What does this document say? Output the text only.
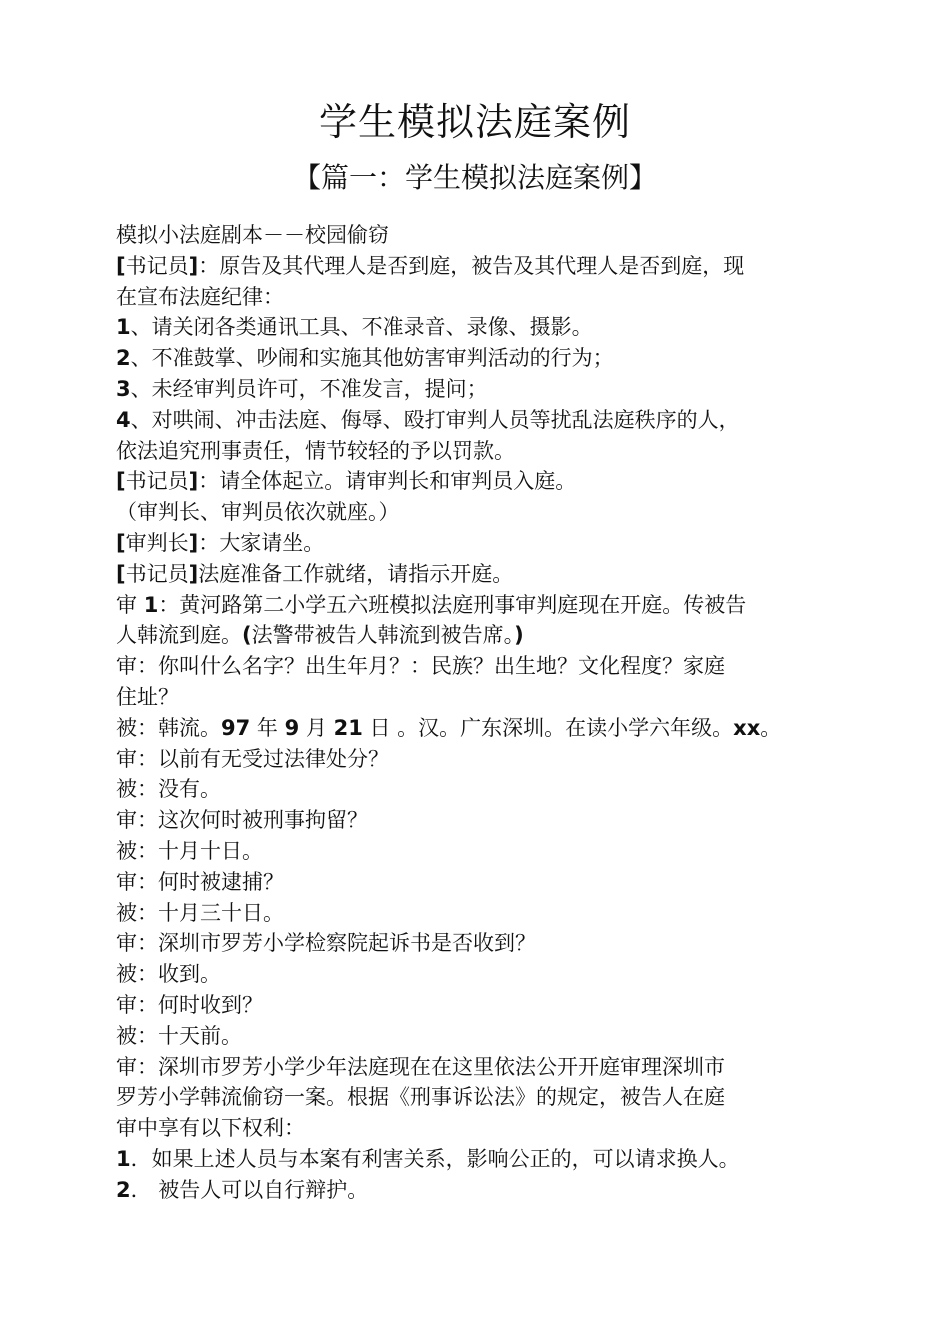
学生模拟法庭案例
【篇一：学生模拟法庭案例】
模拟小法庭剧本－－校园偷窃
[书记员]：原告及其代理人是否到庭，被告及其代理人是否到庭，现
在宣布法庭纪律：
1、请关闭各类通讯工具、不准录音、录像、摄影。
2、不准鼓掌、吵闹和实施其他妨害审判活动的行为；
3、未经审判员许可，不准发言，提问；
4、对哄闹、冲击法庭、侮辱、殴打审判人员等扰乱法庭秩序的人，
依法追究刑事责任，情节较轻的予以罚款。
[书记员]：请全体起立。请审判长和审判员入庭。
（审判长、审判员依次就座。）
[审判长]：大家请坐。
[书记员]法庭准备工作就绪，请指示开庭。
审 1：黄河路第二小学五六班模拟法庭刑事审判庭现在开庭。传被告
人韩流到庭。(法警带被告人韩流到被告席。)
审：你叫什么名字？出生年月？：民族？出生地？文化程度？家庭
住址？
被：韩流。97 年 9 月 21 日 。汉。广东深圳。在读小学六年级。xx。
审：以前有无受过法律处分？
被：没有。
审：这次何时被刑事拘留？
被：十月十日。
审：何时被逮捕？
被：十月三十日。
审：深圳市罗芳小学检察院起诉书是否收到？
被：收到。
审：何时收到？
被：十天前。
审：深圳市罗芳小学少年法庭现在在这里依法公开开庭审理深圳市
罗芳小学韩流偷窃一案。根据《刑事诉讼法》的规定，被告人在庭
审中享有以下权利：
1．如果上述人员与本案有利害关系，影响公正的，可以请求换人。
2． 被告人可以自行辩护。
